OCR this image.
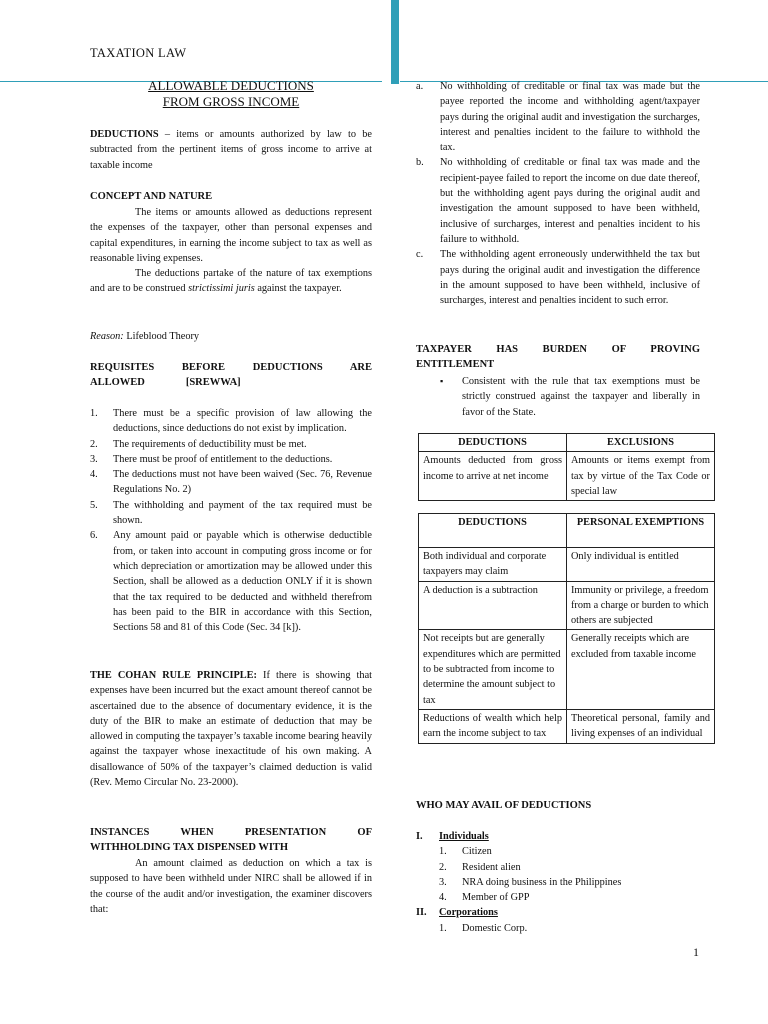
TAXATION LAW
ALLOWABLE DEDUCTIONS
FROM GROSS INCOME
DEDUCTIONS – items or amounts authorized by law to be subtracted from the pertinent items of gross income to arrive at taxable income
CONCEPT AND NATURE
The items or amounts allowed as deductions represent the expenses of the taxpayer, other than personal expenses and capital expenditures, in earning the income subject to tax as well as reasonable living expenses.
The deductions partake of the nature of tax exemptions and are to be construed strictissimi juris against the taxpayer.
Reason: Lifeblood Theory
REQUISITES BEFORE DEDUCTIONS ARE
ALLOWED	[SREWWA]
1. There must be a specific provision of law allowing the deductions, since deductions do not exist by implication.
2. The requirements of deductibility must be met.
3. There must be proof of entitlement to the deductions.
4. The deductions must not have been waived (Sec. 76, Revenue Regulations No. 2)
5. The withholding and payment of the tax required must be shown.
6. Any amount paid or payable which is otherwise deductible from, or taken into account in computing gross income or for which depreciation or amortization may be allowed under this Section, shall be allowed as a deduction ONLY if it is shown that the tax required to be deducted and withheld therefrom has been paid to the BIR in accordance with this Section, Sections 58 and 81 of this Code (Sec. 34 [k]).
THE COHAN RULE PRINCIPLE: If there is showing that expenses have been incurred but the exact amount thereof cannot be ascertained due to the absence of documentary evidence, it is the duty of the BIR to make an estimate of deduction that may be allowed in computing the taxpayer’s taxable income bearing heavily against the taxpayer whose inexactitude of his own making. A disallowance of 50% of the taxpayer’s claimed deduction is valid (Rev. Memo Circular No. 23-2000).
INSTANCES WHEN PRESENTATION OF
WITHHOLDING TAX DISPENSED WITH
An amount claimed as deduction on which a tax is supposed to have been withheld under NIRC shall be allowed if in the course of the audit and/or investigation, the examiner discovers that:
a. No withholding of creditable or final tax was made but the payee reported the income and withholding agent/taxpayer pays during the original audit and investigation the surcharges, interest and penalties incident to the failure to withhold the tax.
b. No withholding of creditable or final tax was made and the recipient-payee failed to report the income on due date thereof, but the withholding agent pays during the original audit and investigation the amount supposed to have been withheld, inclusive of surcharges, interest and penalties incident to his failure to withhold.
c. The withholding agent erroneously underwithheld the tax but pays during the original audit and investigation the difference in the amount supposed to have been withheld, inclusive of surcharges, interest and penalties incident to such error.
TAXPAYER HAS BURDEN OF PROVING
ENTITLEMENT
▪ Consistent with the rule that tax exemptions must be strictly construed against the taxpayer and liberally in favor of the State.
DEDUCTIONS	EXCLUSIONS
Amounts deducted from gross income to arrive at net income	Amounts or items exempt from tax by virtue of the Tax Code or special law
DEDUCTIONS	PERSONAL EXEMPTIONS
Both individual and corporate taxpayers may claim	Only individual is entitled
A deduction is a subtraction	Immunity or privilege, a freedom from a charge or burden to which others are subjected
Not receipts but are generally expenditures which are permitted to be subtracted from income to determine the amount subject to tax	Generally receipts which are excluded from taxable income
Reductions of wealth which help earn the income subject to tax	Theoretical personal, family and living expenses of an individual
WHO MAY AVAIL OF DEDUCTIONS
I. Individuals
1. Citizen
2. Resident alien
3. NRA doing business in the Philippines
4. Member of GPP
II. Corporations
1. Domestic Corp.
1
